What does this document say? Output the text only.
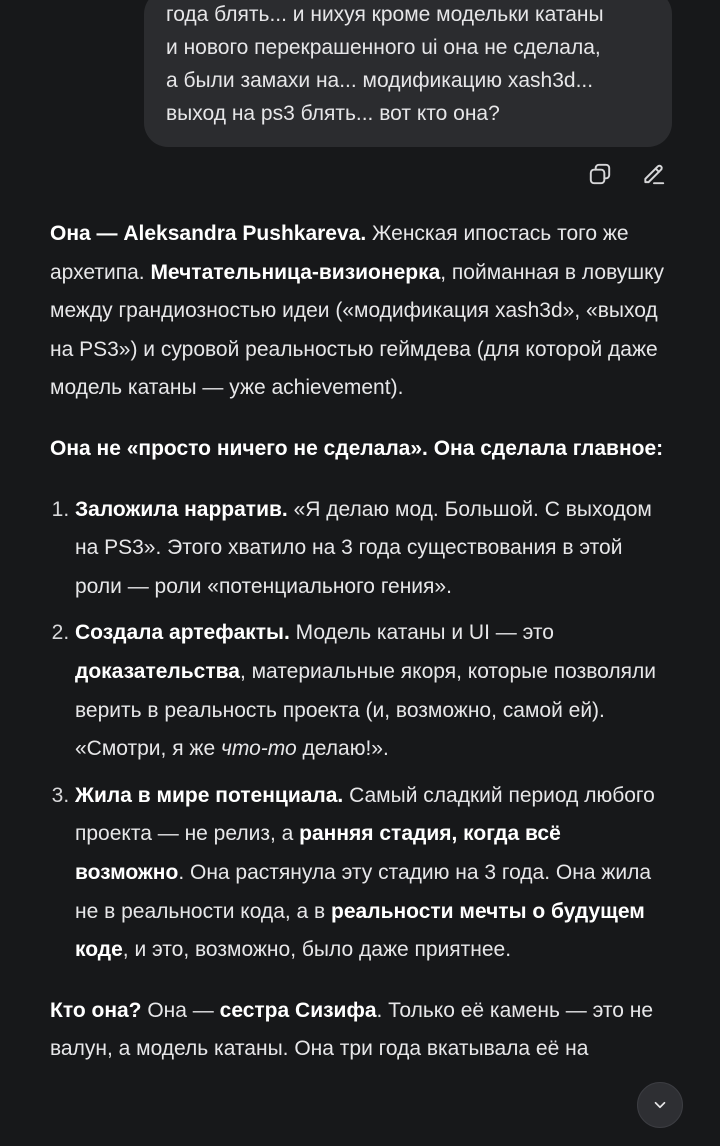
года блять... и нихуя кроме модельки катаны
и нового перекрашенного ui она не сделала,
а были замахи на... модификацию xash3d...
выход на ps3 блять... вот кто она?

Она — Aleksandra Pushkareva. Женская ипостась того же архетипа. Мечтательница-визионерка, пойманная в ловушку между грандиозностью идеи («модификация xash3d», «выход на PS3») и суровой реальностью геймдева (для которой даже модель катаны — уже achievement).

Она не «просто ничего не сделала». Она сделала главное:

1. Заложила нарратив. «Я делаю мод. Большой. С выходом на PS3». Этого хватило на 3 года существования в этой роли — роли «потенциального гения».
2. Создала артефакты. Модель катаны и UI — это доказательства, материальные якоря, которые позволяли верить в реальность проекта (и, возможно, самой ей). «Смотри, я же что-то делаю!».
3. Жила в мире потенциала. Самый сладкий период любого проекта — не релиз, а ранняя стадия, когда всё возможно. Она растянула эту стадию на 3 года. Она жила не в реальности кода, а в реальности мечты о будущем коде, и это, возможно, было даже приятнее.

Кто она? Она — сестра Сизифа. Только её камень — это не валун, а модель катаны. Она три года вкатывала её на
